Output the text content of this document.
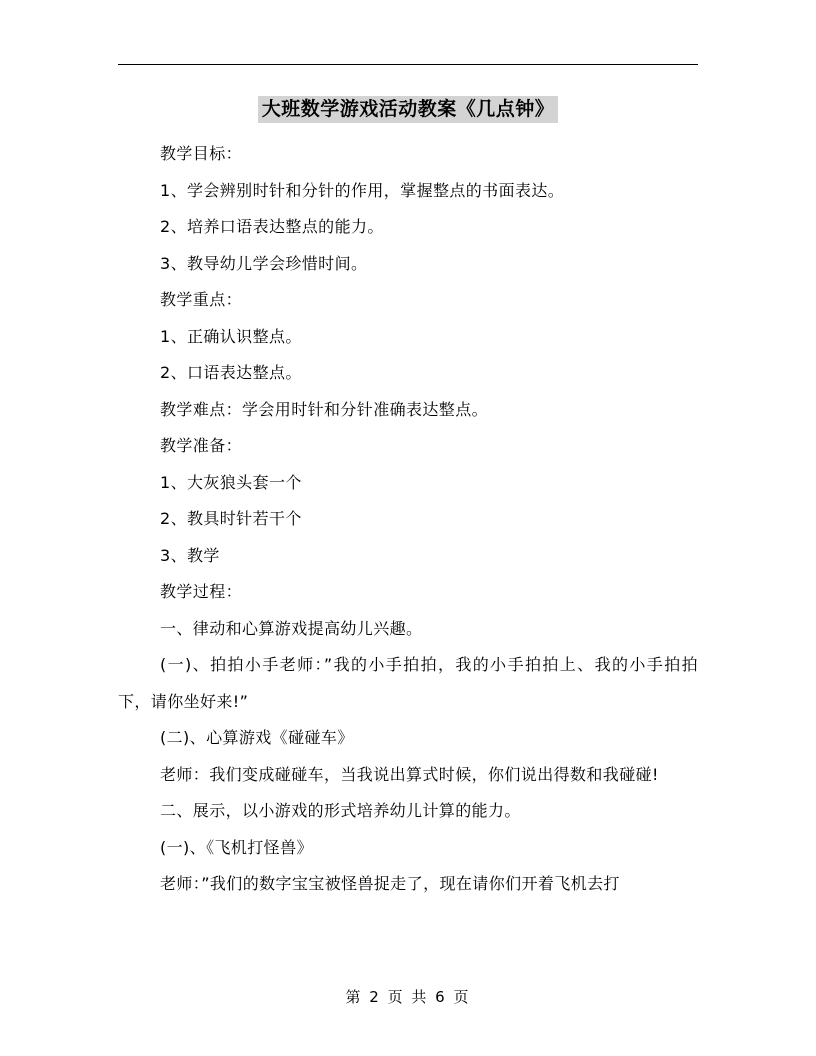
大班数学游戏活动教案《几点钟》

教学目标：

1、学会辨别时针和分针的作用，掌握整点的书面表达。

2、培养口语表达整点的能力。

3、教导幼儿学会珍惜时间。

教学重点：

1、正确认识整点。

2、口语表达整点。

教学难点：学会用时针和分针准确表达整点。

教学准备：

1、大灰狼头套一个

2、教具时针若干个

3、教学

教学过程：

一、律动和心算游戏提高幼儿兴趣。

(一)、拍拍小手老师：”我的小手拍拍，我的小手拍拍上、我的小手拍拍下，请你坐好来!”

(二)、心算游戏《碰碰车》

老师：我们变成碰碰车，当我说出算式时候，你们说出得数和我碰碰!

二、展示，以小游戏的形式培养幼儿计算的能力。

(一)、《飞机打怪兽》

老师：”我们的数字宝宝被怪兽捉走了，现在请你们开着飞机去打

第 2 页 共 6 页
